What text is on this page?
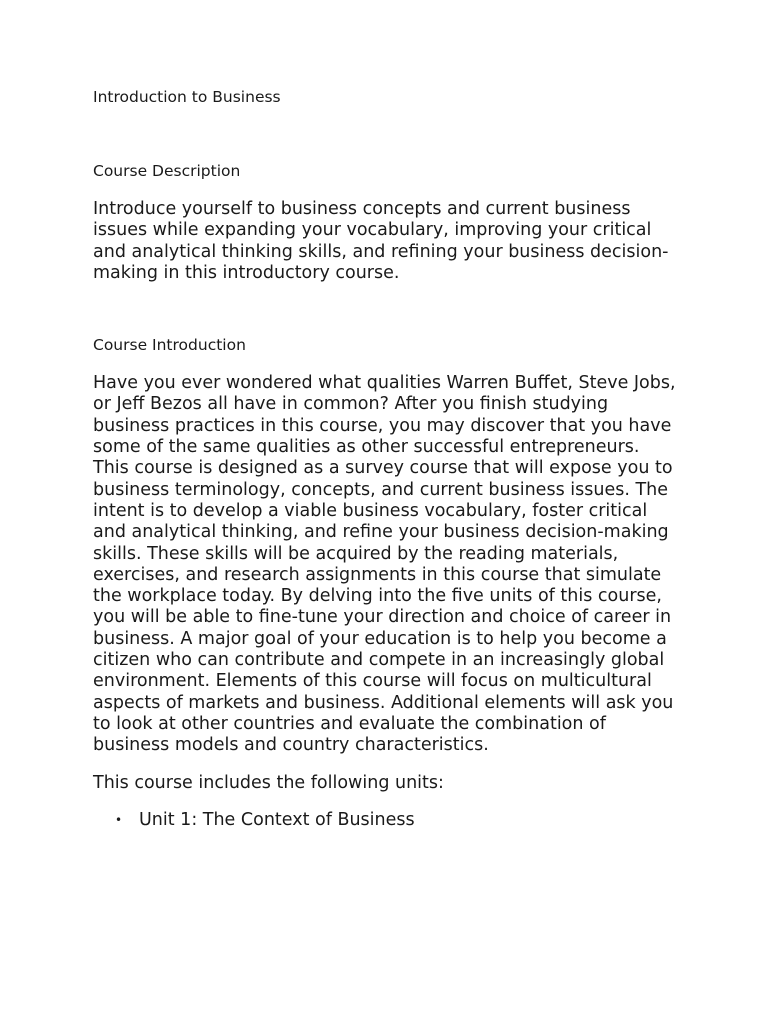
Introduction to Business

Course Description

Introduce yourself to business concepts and current business issues while expanding your vocabulary, improving your critical and analytical thinking skills, and refining your business decision-making in this introductory course.

Course Introduction

Have you ever wondered what qualities Warren Buffet, Steve Jobs, or Jeff Bezos all have in common? After you finish studying business practices in this course, you may discover that you have some of the same qualities as other successful entrepreneurs. This course is designed as a survey course that will expose you to business terminology, concepts, and current business issues. The intent is to develop a viable business vocabulary, foster critical and analytical thinking, and refine your business decision-making skills. These skills will be acquired by the reading materials, exercises, and research assignments in this course that simulate the workplace today. By delving into the five units of this course, you will be able to fine-tune your direction and choice of career in business. A major goal of your education is to help you become a citizen who can contribute and compete in an increasingly global environment. Elements of this course will focus on multicultural aspects of markets and business. Additional elements will ask you to look at other countries and evaluate the combination of business models and country characteristics.

This course includes the following units:

• Unit 1: The Context of Business
